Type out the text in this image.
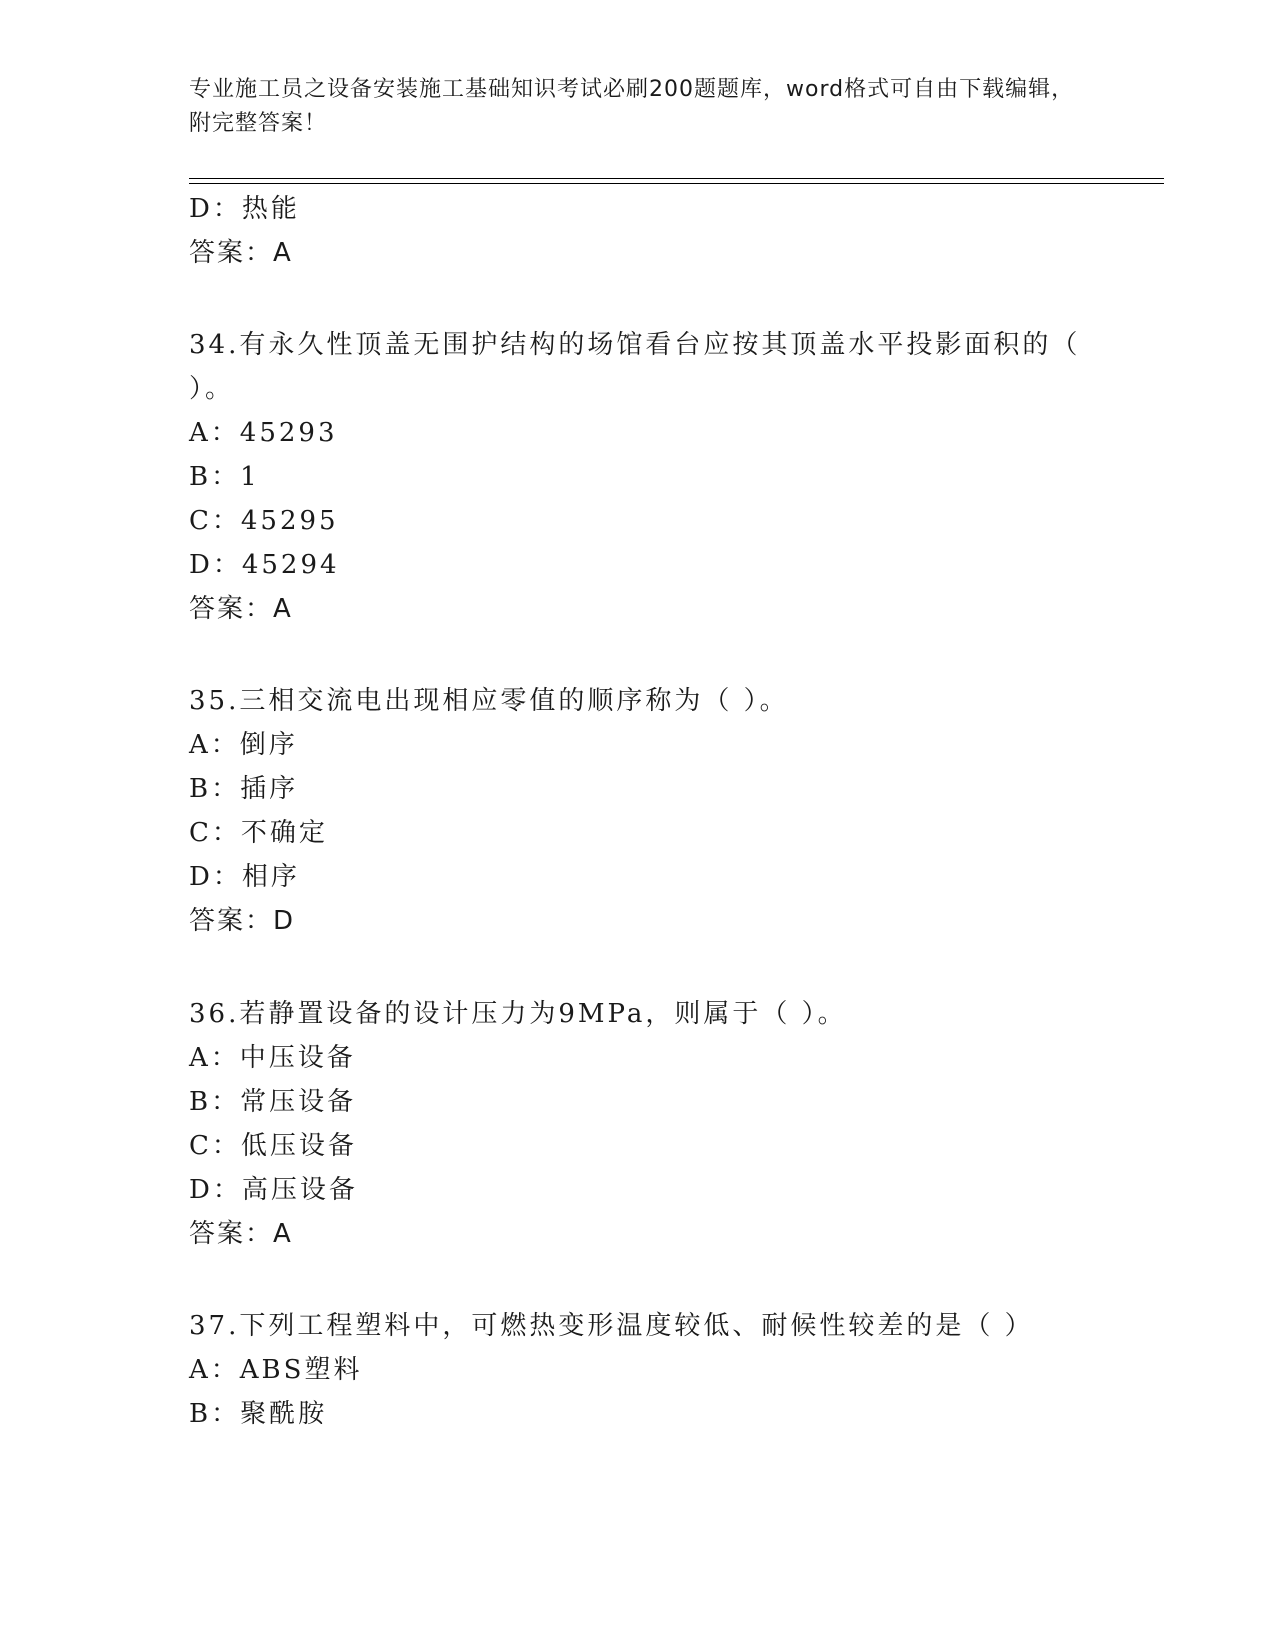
专业施工员之设备安装施工基础知识考试必刷200题题库，word格式可自由下载编辑，附完整答案！
D：热能
答案：A
34.有永久性顶盖无围护结构的场馆看台应按其顶盖水平投影面积的（
）。
A：45293
B：1
C：45295
D：45294
答案：A
35.三相交流电出现相应零值的顺序称为（ ）。
A：倒序
B：插序
C：不确定
D：相序
答案：D
36.若静置设备的设计压力为9MPa，则属于（ ）。
A：中压设备
B：常压设备
C：低压设备
D：高压设备
答案：A
37.下列工程塑料中，可燃热变形温度较低、耐候性较差的是（ ）
A：ABS塑料
B：聚酰胺
